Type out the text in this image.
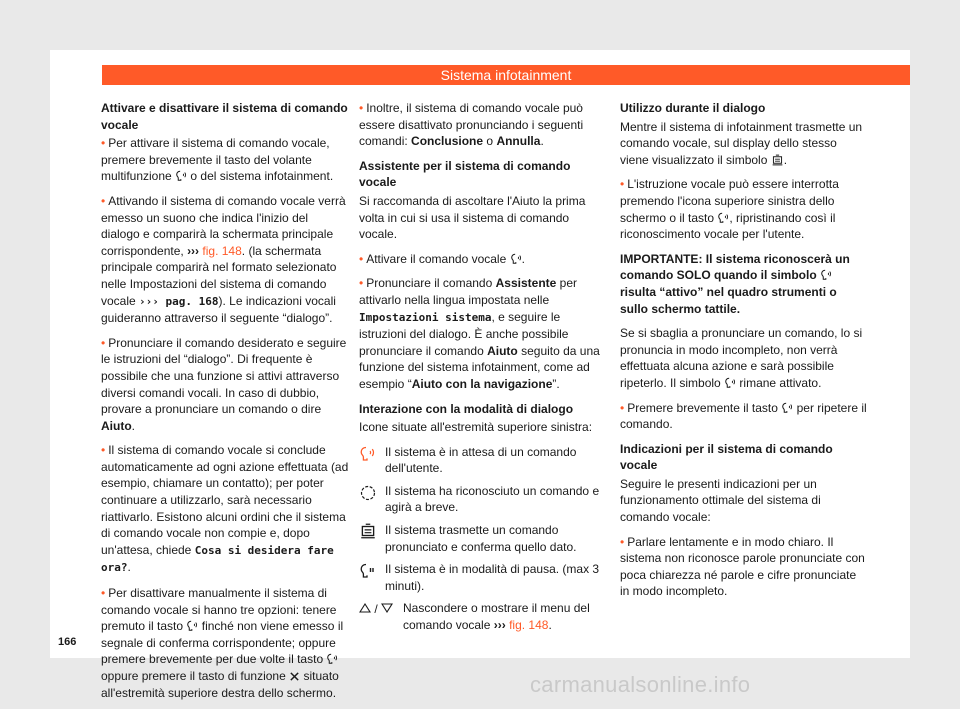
Sistema infotainment
Attivare e disattivare il sistema di comando vocale

• Per attivare il sistema di comando vocale, premere brevemente il tasto del volante multifunzione o del sistema infotainment.

• Attivando il sistema di comando vocale verrà emesso un suono che indica l'inizio del dialogo e comparirà la schermata principale corrispondente, ››› fig. 148. (la schermata principale comparirà nel formato selezionato nelle Impostazioni del sistema di comando vocale ››› pag. 168). Le indicazioni vocali guideranno attraverso il seguente “dialogo”.

• Pronunciare il comando desiderato e seguire le istruzioni del “dialogo”. Di frequente è possibile che una funzione si attivi attraverso diversi comandi vocali. In caso di dubbio, provare a pronunciare un comando o dire Aiuto.

• Il sistema di comando vocale si conclude automaticamente ad ogni azione effettuata (ad esempio, chiamare un contatto); per poter continuare a utilizzarlo, sarà necessario riattivarlo. Esistono alcuni ordini che il sistema di comando vocale non compie e, dopo un'attesa, chiede Cosa si desidera fare ora?.

• Per disattivare manualmente il sistema di comando vocale si hanno tre opzioni: tenere premuto il tasto finché non viene emesso il segnale di conferma corrispondente; oppure premere brevemente per due volte il tasto  oppure premere il tasto di funzione situato all'estremità superiore destra dello schermo.

• Inoltre, il sistema di comando vocale può essere disattivato pronunciando i seguenti comandi: Conclusione o Annulla.

Assistente per il sistema di comando vocale

Si raccomanda di ascoltare l'Aiuto la prima volta in cui si usa il sistema di comando vocale.

• Attivare il comando vocale .

• Pronunciare il comando Assistente per attivarlo nella lingua impostata nelle Impostazioni sistema, e seguire le istruzioni del dialogo. È anche possibile pronunciare il comando Aiuto seguito da una funzione del sistema infotainment, come ad esempio “Aiuto con la navigazione”.

Interazione con la modalità di dialogo

Icone situate all'estremità superiore sinistra:

Il sistema è in attesa di un comando dell'utente.
Il sistema ha riconosciuto un comando e agirà a breve.
Il sistema trasmette un comando pronunciato e conferma quello dato.
Il sistema è in modalità di pausa. (max 3 minuti).
/	Nascondere o mostrare il menu del comando vocale ››› fig. 148.
Utilizzo durante il dialogo

Mentre il sistema di infotainment trasmette un comando vocale, sul display dello stesso viene visualizzato il simbolo .

• L'istruzione vocale può essere interrotta premendo l'icona superiore sinistra dello schermo o il tasto , ripristinando così il riconoscimento vocale per l'utente.

IMPORTANTE: Il sistema riconoscerà un comando SOLO quando il simbolo  risulta “attivo” nel quadro strumenti o sullo schermo tattile.

Se si sbaglia a pronunciare un comando, lo si pronuncia in modo incompleto, non verrà effettuata alcuna azione e sarà possibile ripeterlo. Il simbolo rimane attivato.

• Premere brevemente il tasto per ripetere il comando.

Indicazioni per il sistema di comando vocale

Seguire le presenti indicazioni per un funzionamento ottimale del sistema di comando vocale:

• Parlare lentamente e in modo chiaro. Il sistema non riconosce parole pronunciate con poca chiarezza né parole e cifre pronunciate in modo incompleto.

166
carmanualsonline.info
